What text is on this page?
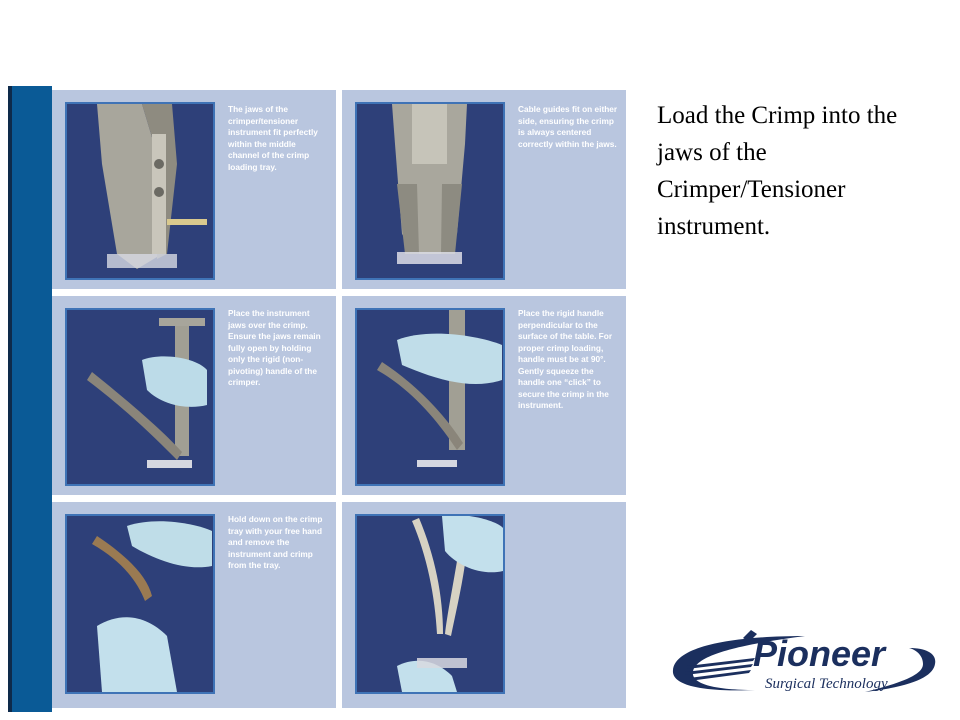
The jaws of the crimper/tensioner instrument fit perfectly within the middle channel of the crimp loading tray.
Cable guides fit on either side, ensuring the crimp is always centered correctly within the jaws.
Place the instrument jaws over the crimp. Ensure the jaws remain fully open by holding only the rigid (non-pivoting) handle of the crimper.
Place the rigid handle perpendicular to the surface of the table. For proper crimp loading, handle must be at 90°. Gently squeeze the handle one “click” to secure the crimp in the instrument.
Hold down on the crimp tray with your free hand and remove the instrument and crimp from the tray.
Load the Crimp into the jaws of the Crimper/Tensioner instrument.
Pioneer
Surgical Technology
